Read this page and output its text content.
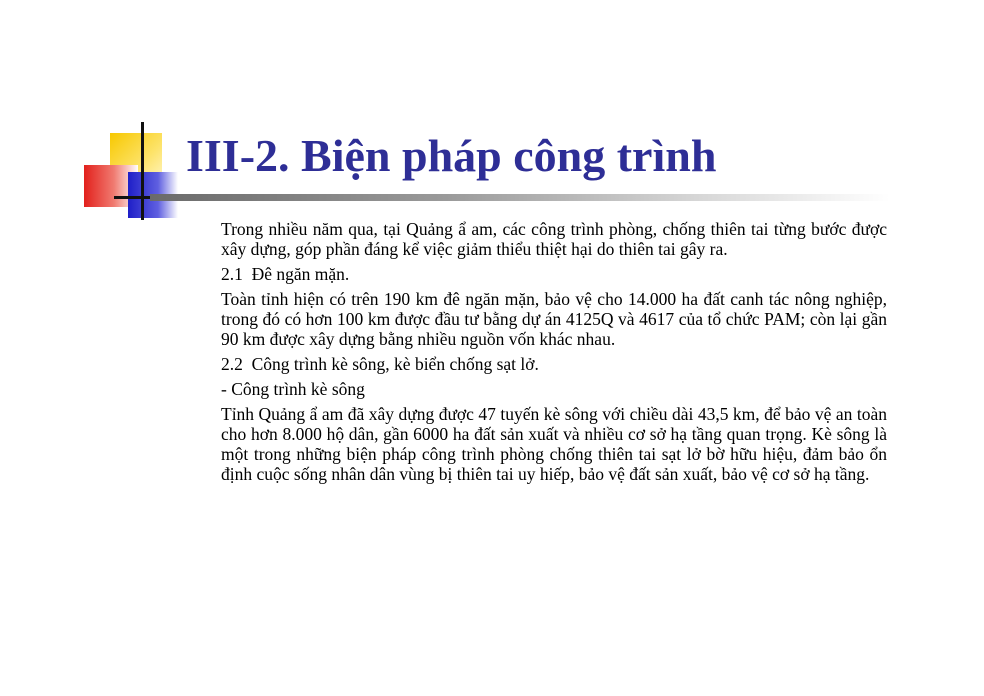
III-2. Biện pháp công trình

Trong nhiều năm qua, tại Quảng ẩ am, các công trình phòng, chống thiên tai từng bước được xây dựng, góp phần đáng kể việc giảm thiểu thiệt hại do thiên tai gây ra.

2.1  Đê ngăn mặn.

Toàn tỉnh hiện có trên 190 km đê ngăn mặn, bảo vệ cho 14.000 ha đất canh tác nông nghiệp, trong đó có hơn 100 km được đầu tư bằng dự án 4125Q và 4617 của tổ chức PAM; còn lại gần 90 km được xây dựng bằng nhiều nguồn vốn khác nhau.

2.2  Công trình kè sông, kè biển chống sạt lở.

- Công trình kè sông

Tỉnh Quảng ẩ am đã xây dựng được 47 tuyến kè sông với chiều dài 43,5 km, để bảo vệ an toàn cho hơn 8.000 hộ dân, gần 6000 ha đất sản xuất và nhiều cơ sở hạ tầng quan trọng. Kè sông là một trong những biện pháp công trình phòng chống thiên tai sạt lở bờ hữu hiệu, đảm bảo ổn định cuộc sống nhân dân vùng bị thiên tai uy hiếp, bảo vệ đất sản xuất, bảo vệ cơ sở hạ tầng.
